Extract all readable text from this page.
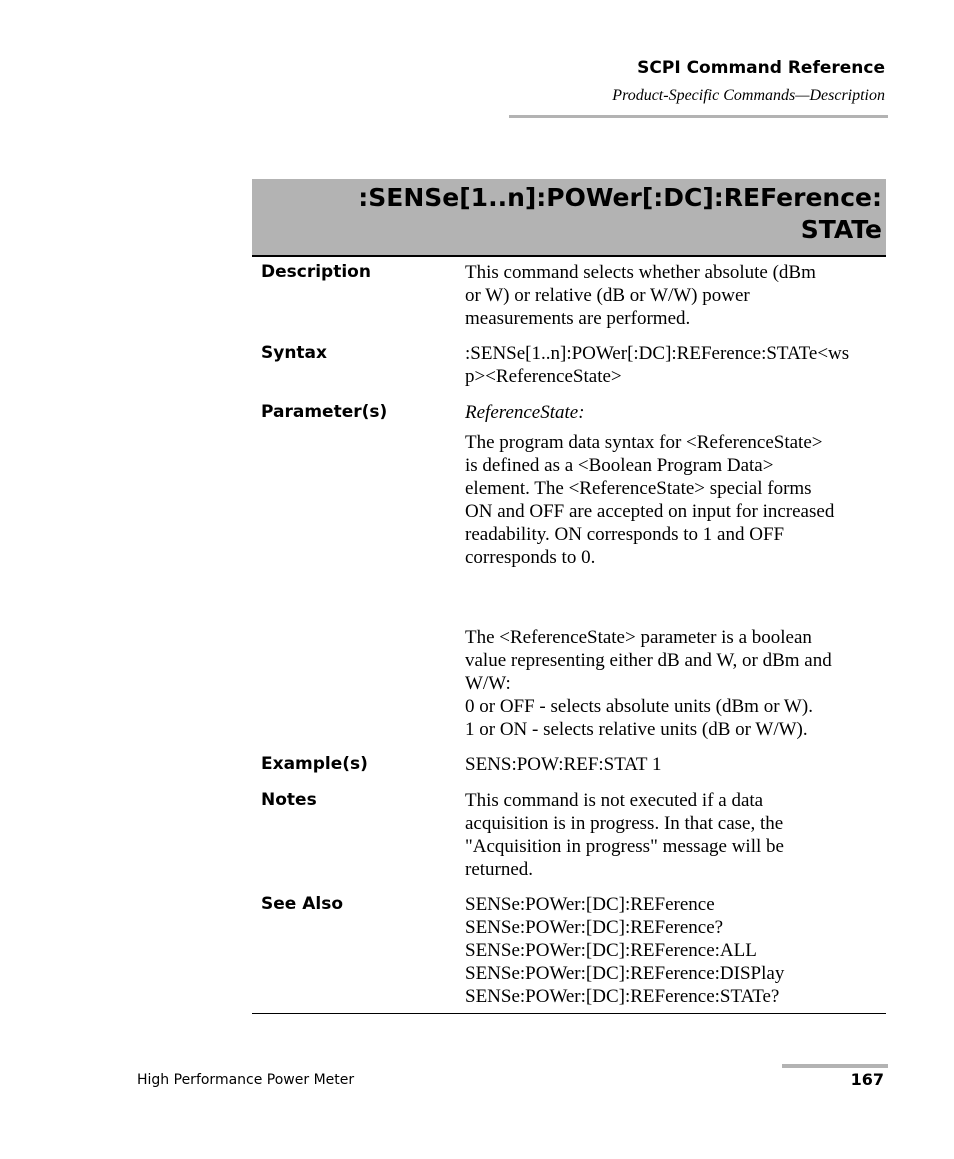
SCPI Command Reference
Product-Specific Commands—Description
:SENSe[1..n]:POWer[:DC]:REFerence:
STATe
Description	This command selects whether absolute (dBm
or W) or relative (dB or W/W) power
measurements are performed.
Syntax	:SENSe[1..n]:POWer[:DC]:REFerence:STATe<ws
p><ReferenceState>
Parameter(s)	ReferenceState:
The program data syntax for <ReferenceState>
is defined as a <Boolean Program Data>
element. The <ReferenceState> special forms
ON and OFF are accepted on input for increased
readability. ON corresponds to 1 and OFF
corresponds to 0.
The <ReferenceState> parameter is a boolean
value representing either dB and W, or dBm and
W/W:
0 or OFF - selects absolute units (dBm or W).
1 or ON - selects relative units (dB or W/W).
Example(s)	SENS:POW:REF:STAT 1
Notes	This command is not executed if a data
acquisition is in progress. In that case, the
"Acquisition in progress" message will be
returned.
See Also	SENSe:POWer:[DC]:REFerence
SENSe:POWer:[DC]:REFerence?
SENSe:POWer:[DC]:REFerence:ALL
SENSe:POWer:[DC]:REFerence:DISPlay
SENSe:POWer:[DC]:REFerence:STATe?
High Performance Power Meter	167
